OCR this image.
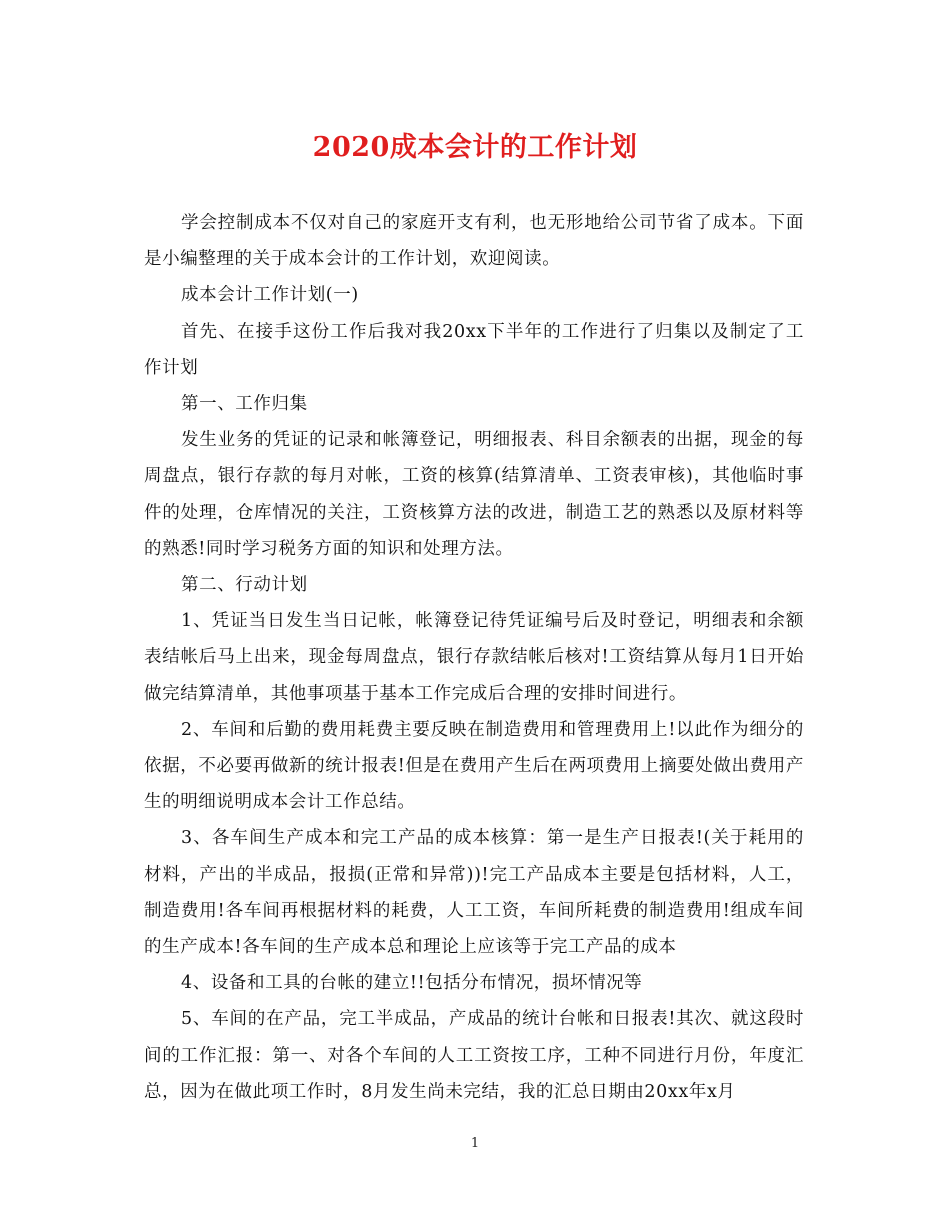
2020成本会计的工作计划

学会控制成本不仅对自己的家庭开支有利，也无形地给公司节省了成本。下面是小编整理的关于成本会计的工作计划，欢迎阅读。

成本会计工作计划(一)

首先、在接手这份工作后我对我20xx下半年的工作进行了归集以及制定了工作计划

第一、工作归集

发生业务的凭证的记录和帐簿登记，明细报表、科目余额表的出据，现金的每周盘点，银行存款的每月对帐，工资的核算(结算清单、工资表审核)，其他临时事件的处理，仓库情况的关注，工资核算方法的改进，制造工艺的熟悉以及原材料等的熟悉!同时学习税务方面的知识和处理方法。

第二、行动计划

1、凭证当日发生当日记帐，帐簿登记待凭证编号后及时登记，明细表和余额表结帐后马上出来，现金每周盘点，银行存款结帐后核对!工资结算从每月1日开始做完结算清单，其他事项基于基本工作完成后合理的安排时间进行。

2、车间和后勤的费用耗费主要反映在制造费用和管理费用上!以此作为细分的依据，不必要再做新的统计报表!但是在费用产生后在两项费用上摘要处做出费用产生的明细说明成本会计工作总结。

3、各车间生产成本和完工产品的成本核算：第一是生产日报表!(关于耗用的材料，产出的半成品，报损(正常和异常))!完工产品成本主要是包括材料，人工，制造费用!各车间再根据材料的耗费，人工工资，车间所耗费的制造费用!组成车间的生产成本!各车间的生产成本总和理论上应该等于完工产品的成本

4、设备和工具的台帐的建立!!包括分布情况，损坏情况等

5、车间的在产品，完工半成品，产成品的统计台帐和日报表!其次、就这段时间的工作汇报：第一、对各个车间的人工工资按工序，工种不同进行月份，年度汇总，因为在做此项工作时，8月发生尚未完结，我的汇总日期由20xx年x月

1
